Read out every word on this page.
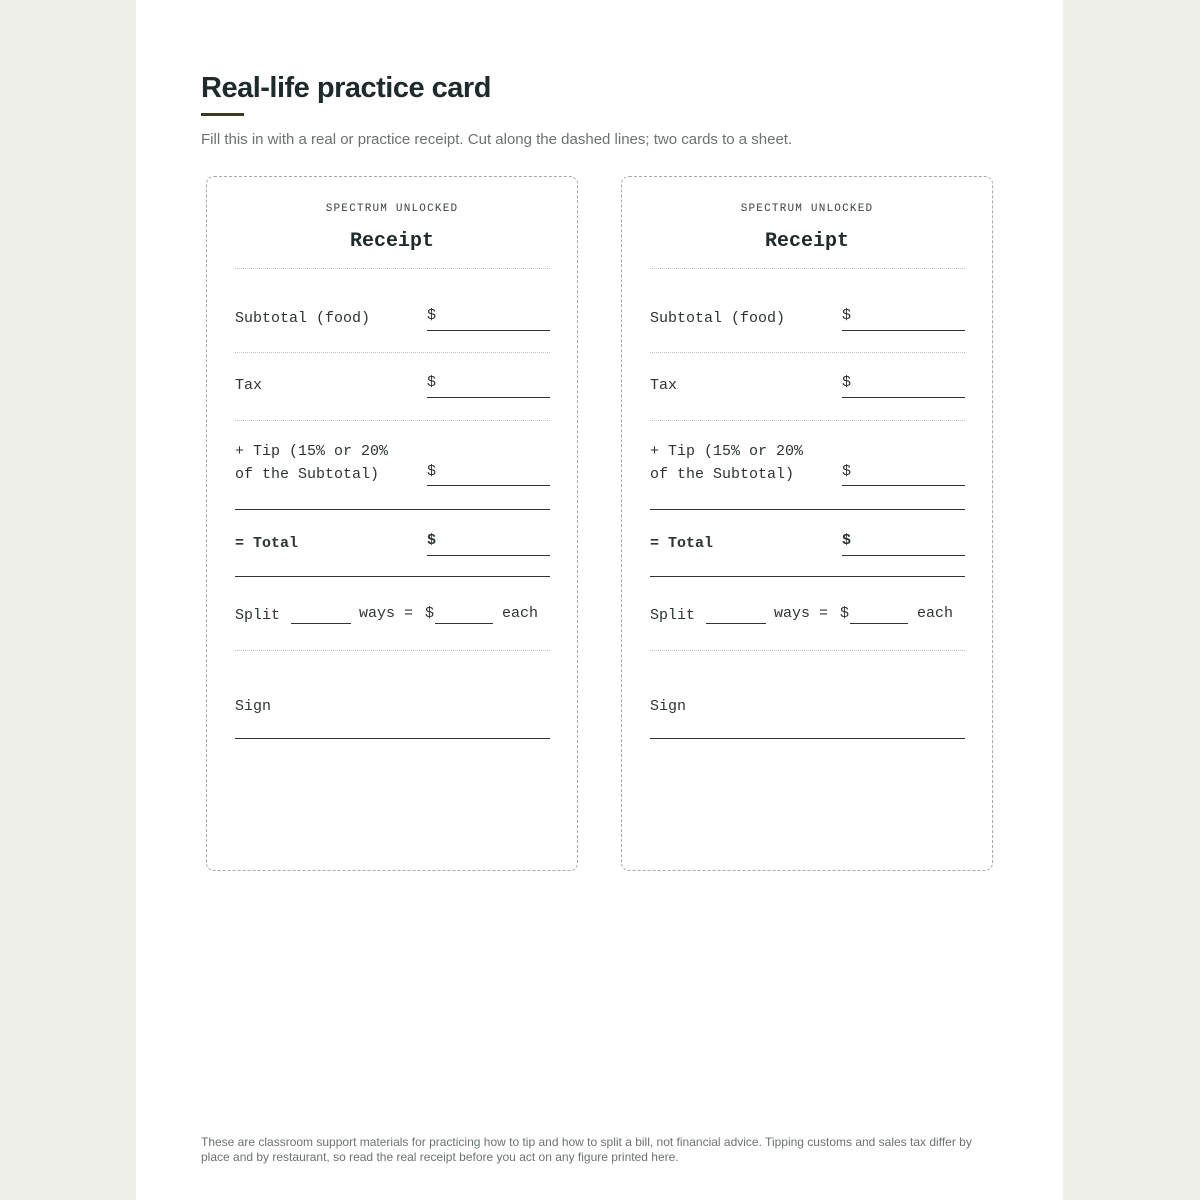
Real-life practice card

Fill this in with a real or practice receipt. Cut along the dashed lines; two cards to a sheet.

SPECTRUM UNLOCKED
Receipt
Subtotal (food)	$
Tax	$
+ Tip (15% or 20%
of the Subtotal)	$
= Total	$
Split	ways = $	each
Sign
SPECTRUM UNLOCKED
Receipt
Subtotal (food)	$
Tax	$
+ Tip (15% or 20%
of the Subtotal)	$
= Total	$
Split	ways = $	each
Sign

These are classroom support materials for practicing how to tip and how to split a bill, not financial advice. Tipping customs and sales tax differ by place and by restaurant, so read the real receipt before you act on any figure printed here.
